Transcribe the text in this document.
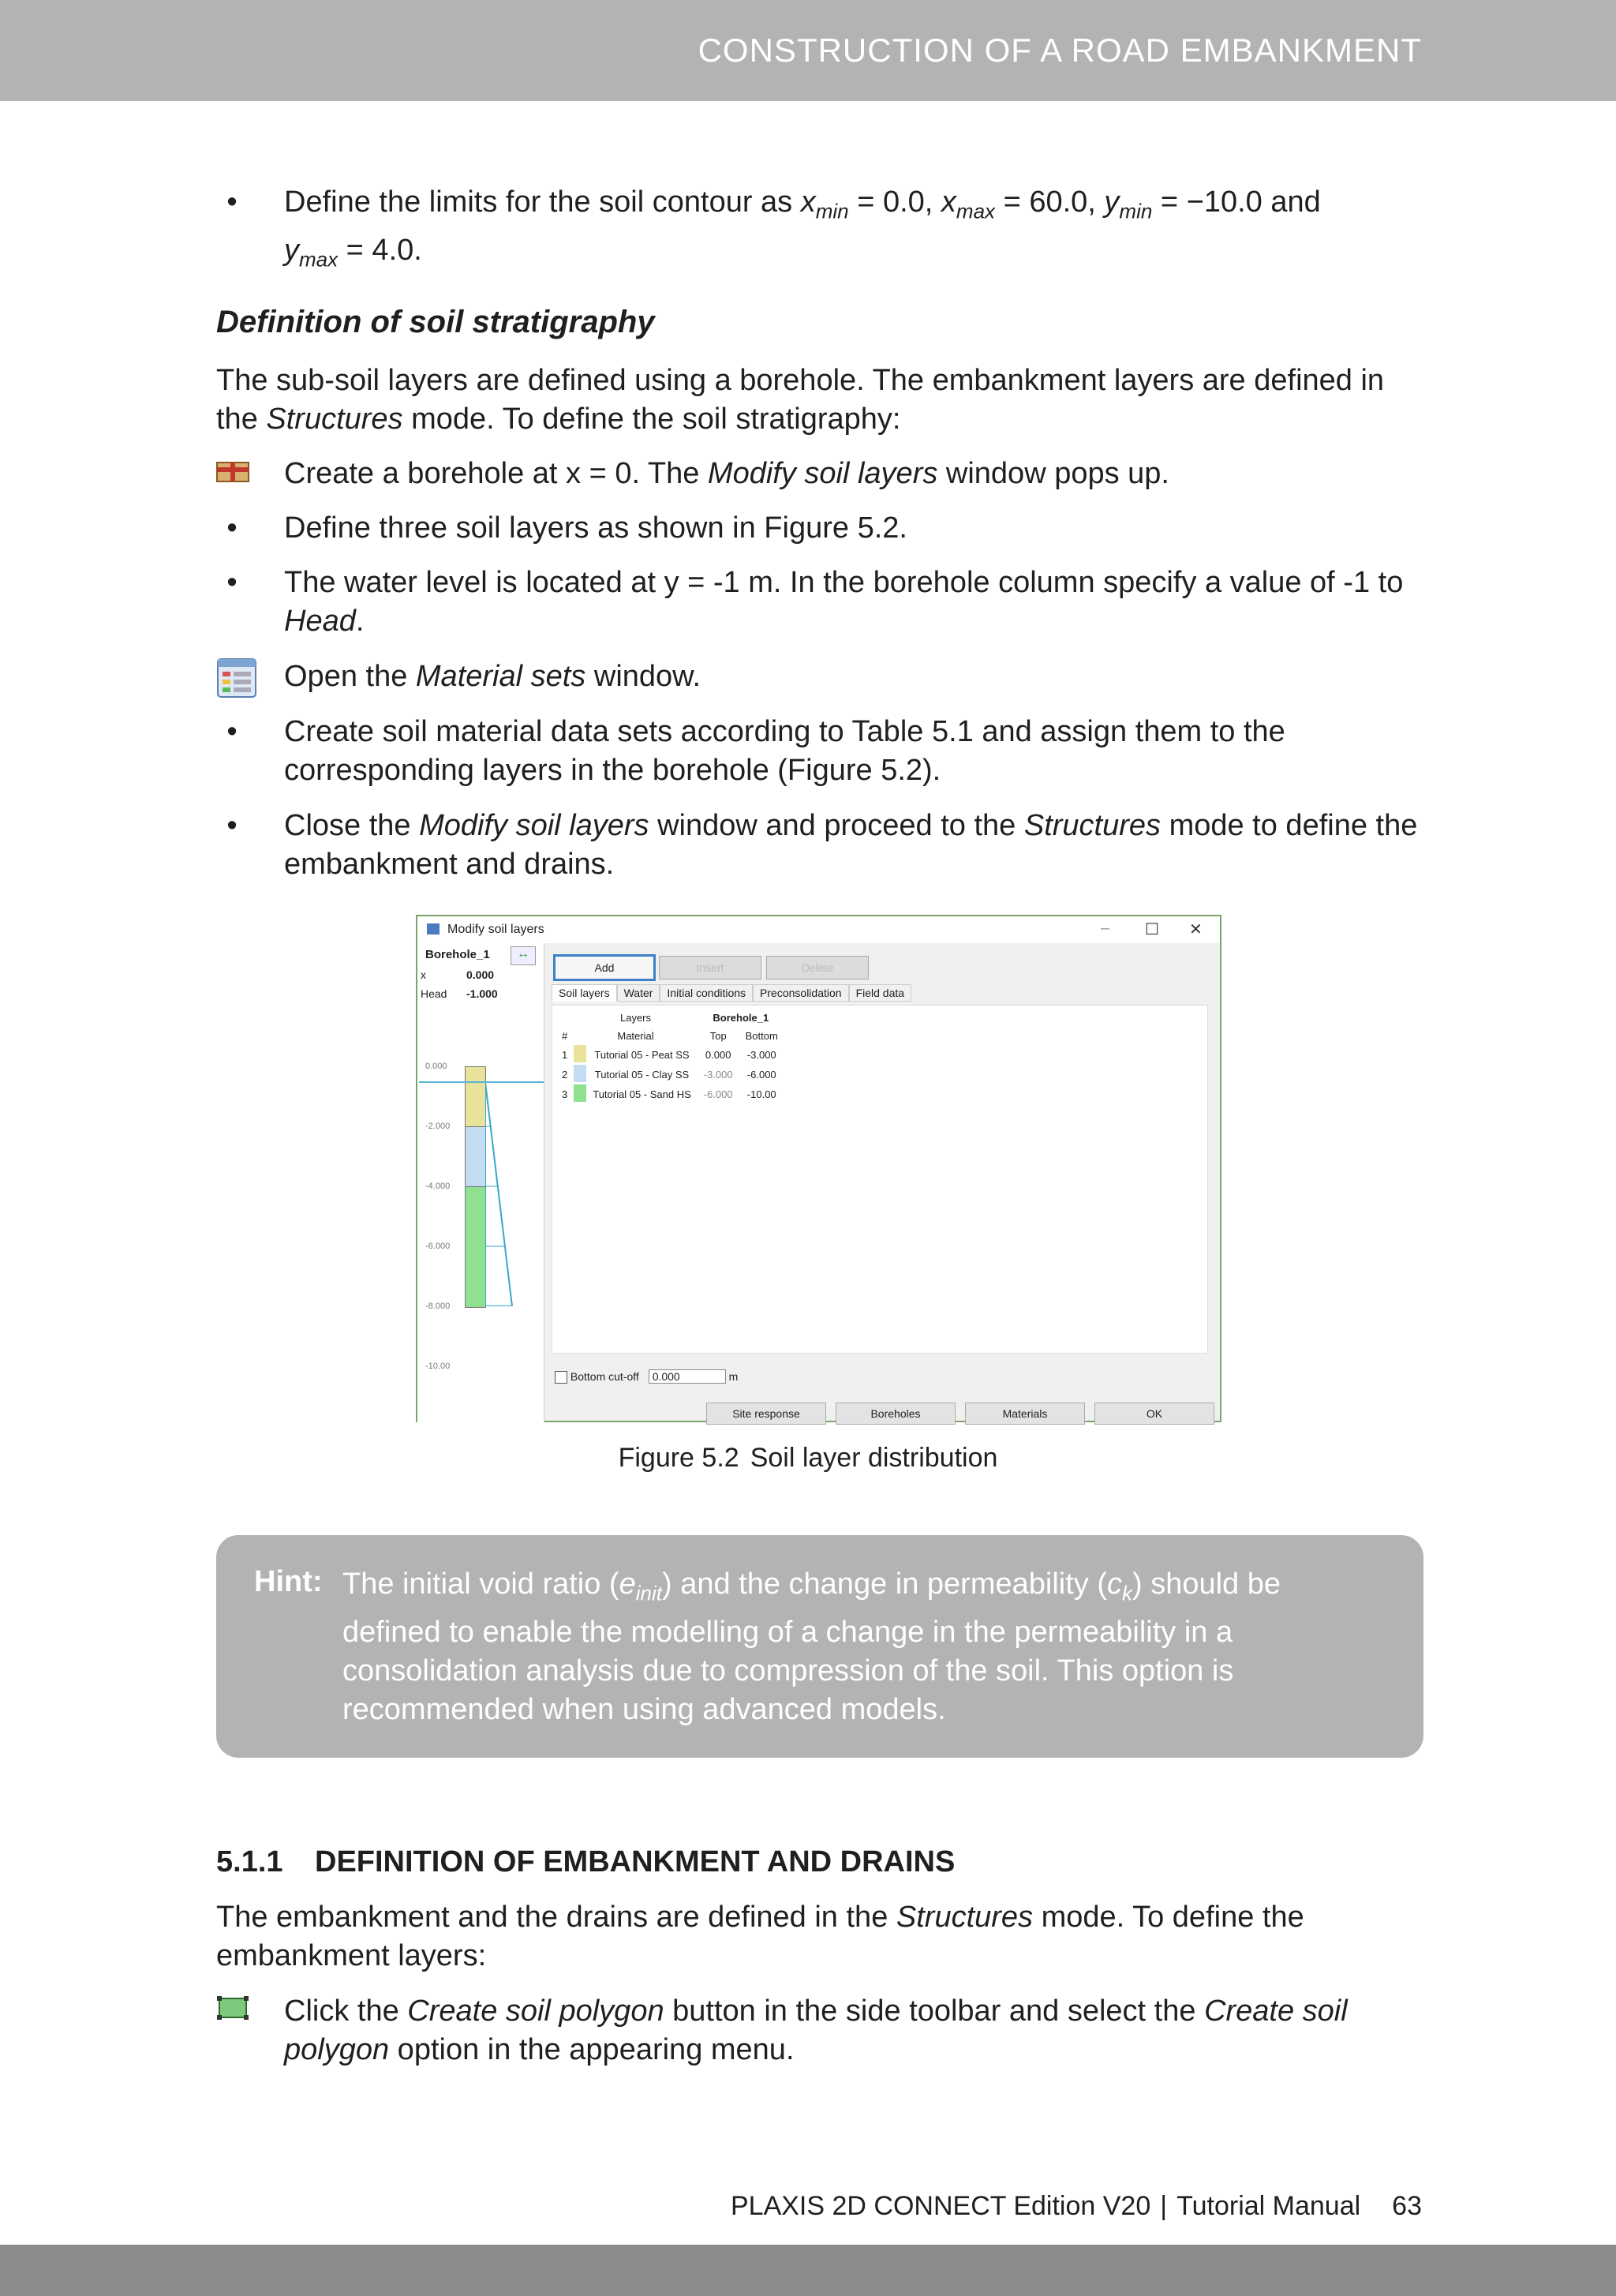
CONSTRUCTION OF A ROAD EMBANKMENT
•	Define the limits for the soil contour as $x_{min} = 0.0$, $x_{max} = 60.0$, $y_{min} = -10.0$ and
$y_{max} = 4.0$.
Definition of soil stratigraphy

The sub-soil layers are defined using a borehole. The embankment layers are defined in the Structures mode. To define the soil stratigraphy:

Create a borehole at x = 0. The Modify soil layers window pops up.
•	Define three soil layers as shown in Figure 5.2.
•	The water level is located at y = -1 m. In the borehole column specify a value of -1 to Head.
Open the Material sets window.
•	Create soil material data sets according to Table 5.1 and assign them to the corresponding layers in the borehole (Figure 5.2).
•	Close the Modify soil layers window and proceed to the Structures mode to define the embankment and drains.
Modify soil layers	– ☐ ✕
Borehole_1	↔
x	0.000
Head -1.000
0.000
-2.000
-4.000
-6.000
-8.000
-10.00
Add	Insert	Delete
Soil layers Water Initial conditions Preconsolidation Field data
	Layers		Borehole_1	
#	Material		Top	Bottom
1		Tutorial 05 - Peat SS	0.000	-3.000
2		Tutorial 05 - Clay SS	-3.000	-6.000
3		Tutorial 05 - Sand HS	-6.000	-10.00
Bottom cut-off 0.000	m
Site response	Boreholes	Materials	OK
Figure 5.2 Soil layer distribution
Hint: The initial void ratio $(e_{init})$ and the change in permeability $(c_k)$ should be defined to enable the modelling of a change in the permeability in a consolidation analysis due to compression of the soil. This option is recommended when using advanced models.
5.1.1 DEFINITION OF EMBANKMENT AND DRAINS

The embankment and the drains are defined in the Structures mode. To define the embankment layers:

Click the Create soil polygon button in the side toolbar and select the Create soil polygon option in the appearing menu.
PLAXIS 2D CONNECT Edition V20 | Tutorial Manual 63
